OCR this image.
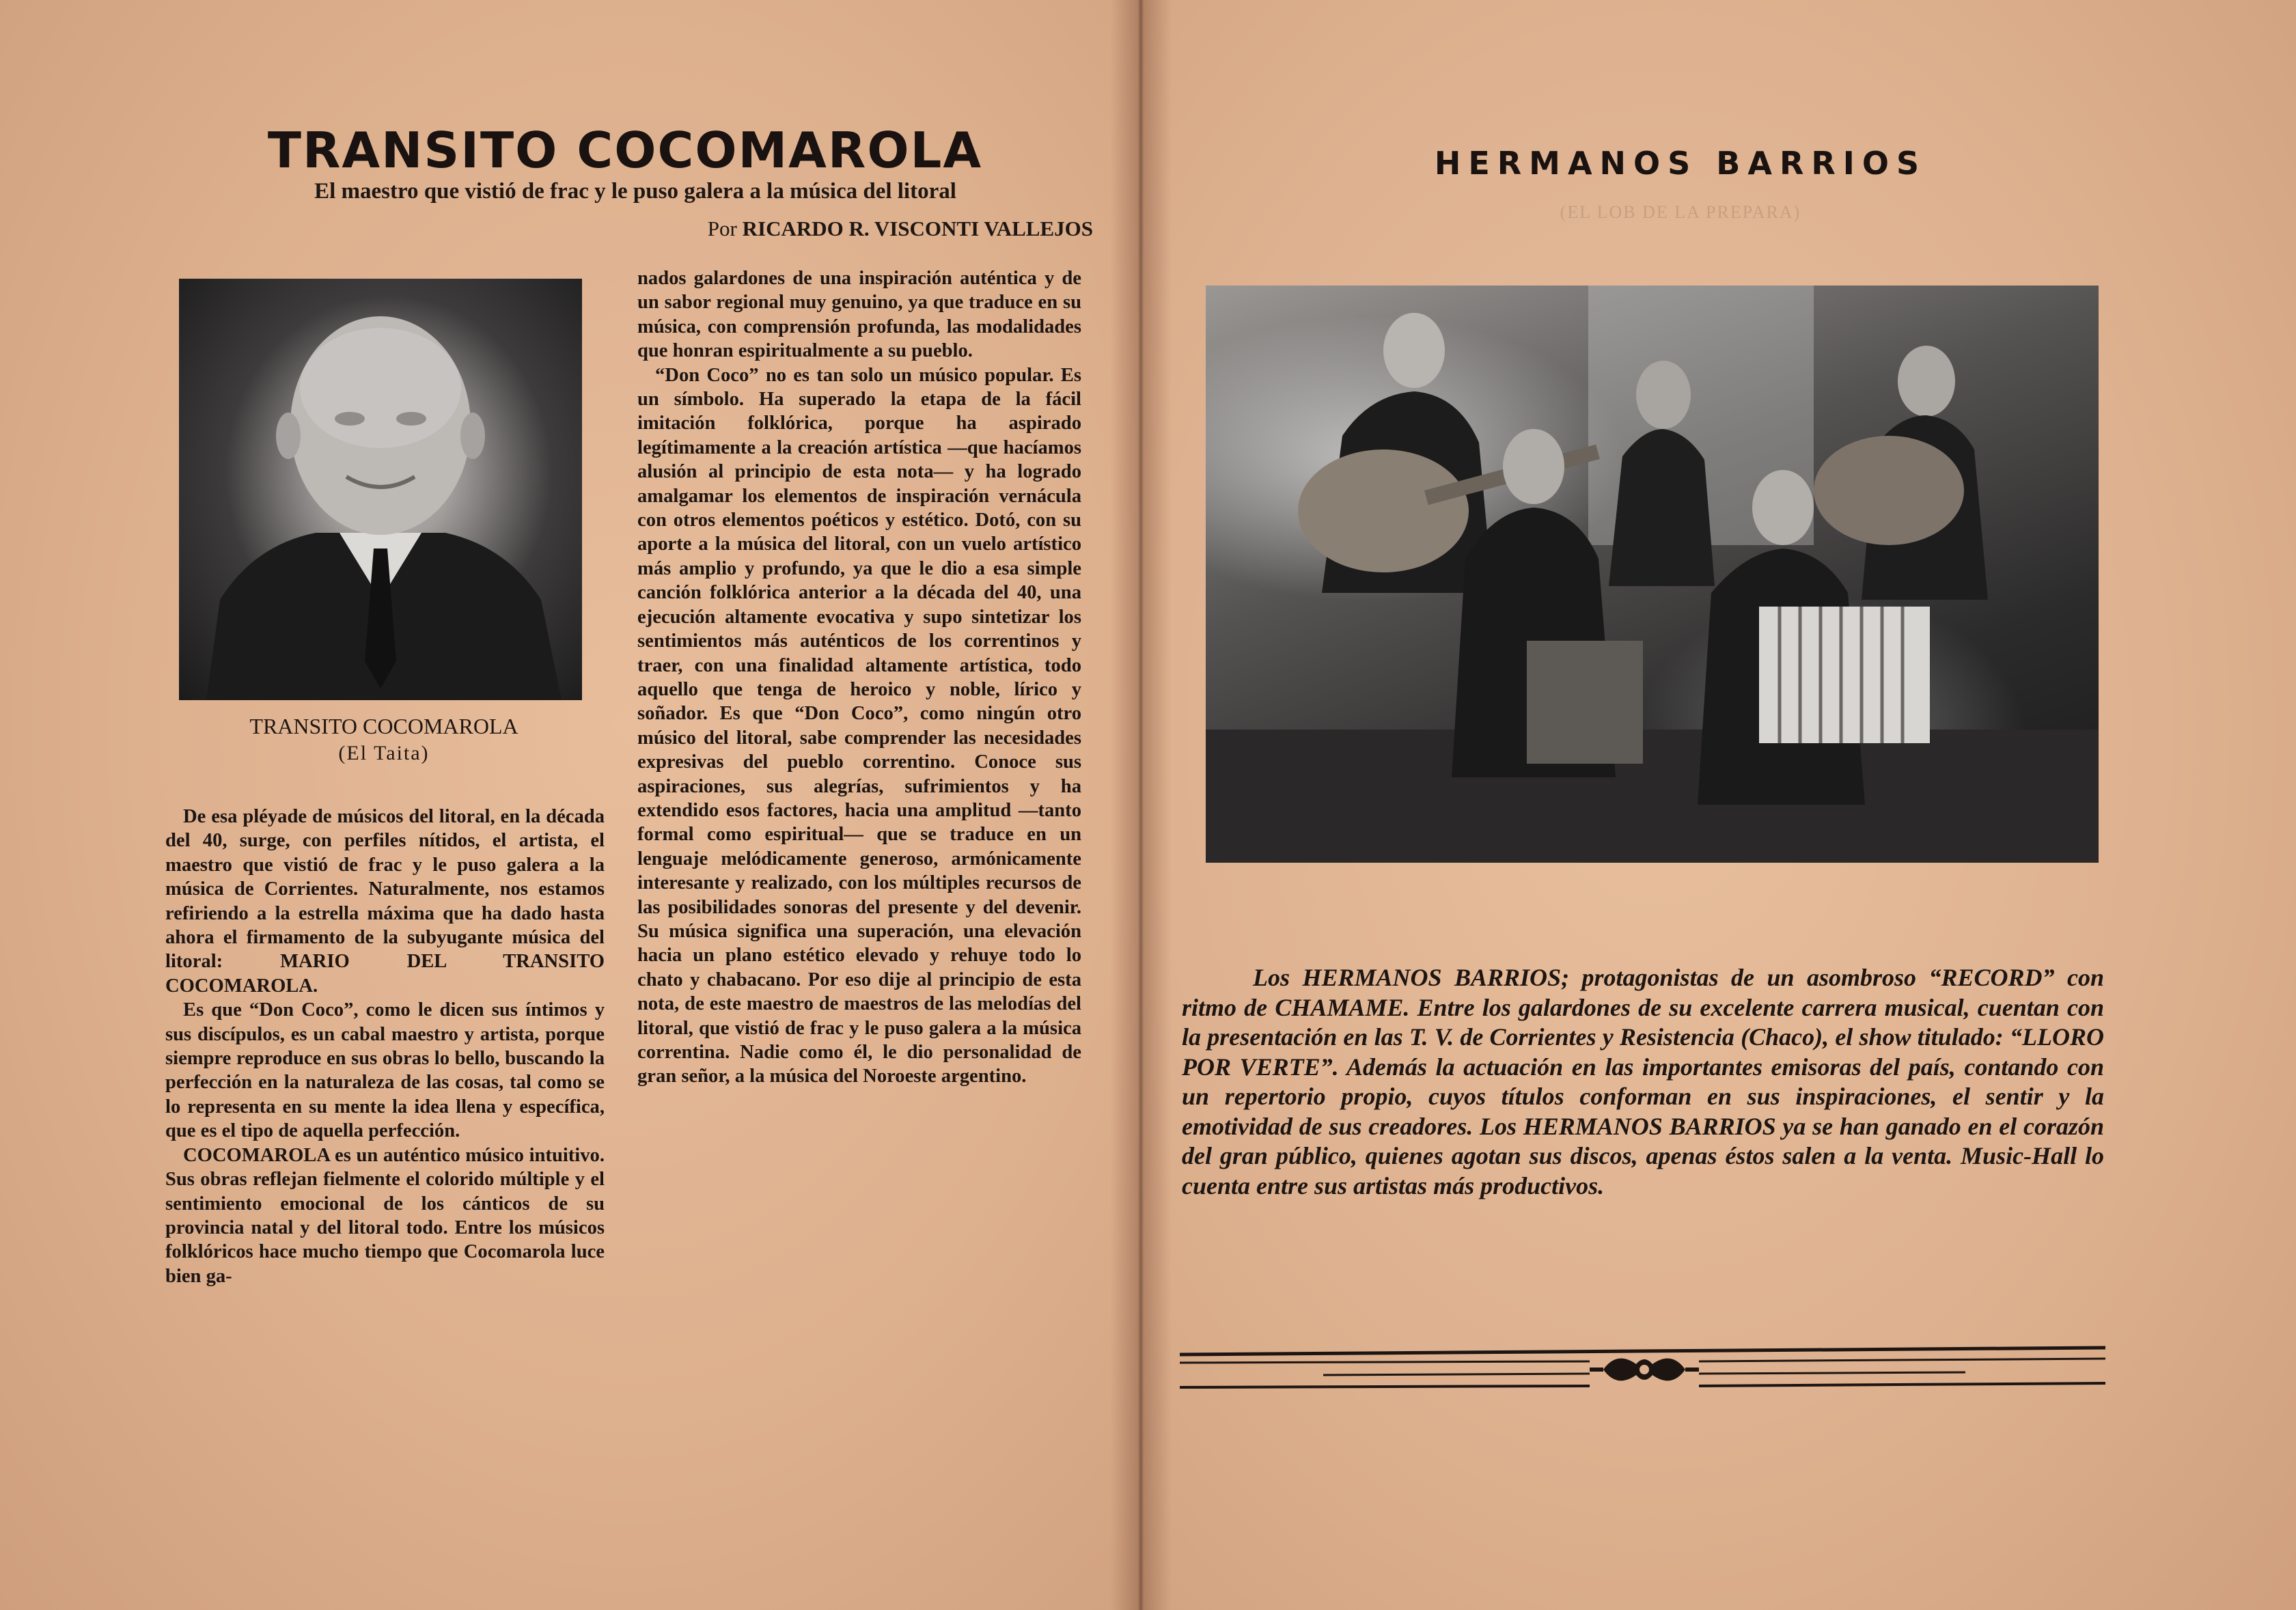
TRANSITO COCOMAROLA

El maestro que vistió de frac y le puso galera a la música del litoral

Por RICARDO R. VISCONTI VALLEJOS

TRANSITO COCOMAROLA
(El Taita)

De esa pléyade de músicos del litoral, en la década del 40, surge, con perfiles nítidos, el artista, el maestro que vistió de frac y le puso galera a la música de Corrientes. Naturalmente, nos estamos refiriendo a la estrella máxima que ha dado hasta ahora el firmamento de la subyugante música del litoral: MARIO DEL TRANSITO COCOMAROLA.

Es que “Don Coco”, como le dicen sus íntimos y sus discípulos, es un cabal maestro y artista, porque siempre reproduce en sus obras lo bello, buscando la perfección en la naturaleza de las cosas, tal como se lo representa en su mente la idea llena y específica, que es el tipo de aquella perfección.

COCOMAROLA es un auténtico músico intuitivo. Sus obras reflejan fielmente el colorido múltiple y el sentimiento emocional de los cánticos de su provincia natal y del litoral todo. Entre los músicos folklóricos hace mucho tiempo que Cocomarola luce bien ga-

nados galardones de una inspiración auténtica y de un sabor regional muy genuino, ya que traduce en su música, con comprensión profunda, las modalidades que honran espiritualmente a su pueblo.

“Don Coco” no es tan solo un músico popular. Es un símbolo. Ha superado la etapa de la fácil imitación folklórica, porque ha aspirado legítimamente a la creación artística —que hacíamos alusión al principio de esta nota— y ha logrado amalgamar los elementos de inspiración vernácula con otros elementos poéticos y estético. Dotó, con su aporte a la música del litoral, con un vuelo artístico más amplio y profundo, ya que le dio a esa simple canción folklórica anterior a la década del 40, una ejecución altamente evocativa y supo sintetizar los sentimientos más auténticos de los correntinos y traer, con una finalidad altamente artística, todo aquello que tenga de heroico y noble, lírico y soñador. Es que “Don Coco”, como ningún otro músico del litoral, sabe comprender las necesidades expresivas del pueblo correntino. Conoce sus aspiraciones, sus alegrías, sufrimientos y ha extendido esos factores, hacia una amplitud —tanto formal como espiritual— que se traduce en un lenguaje melódicamente generoso, armónicamente interesante y realizado, con los múltiples recursos de las posibilidades sonoras del presente y del devenir. Su música significa una superación, una elevación hacia un plano estético elevado y rehuye todo lo chato y chabacano. Por eso dije al principio de esta nota, de este maestro de maestros de las melodías del litoral, que vistió de frac y le puso galera a la música correntina. Nadie como él, le dio personalidad de gran señor, a la música del Noroeste argentino.

HERMANOS BARRIOS
(EL LOB DE LA PREPARA)

Los HERMANOS BARRIOS; protagonistas de un asombroso “RECORD” con ritmo de CHAMAME. Entre los galardones de su excelente carrera musical, cuentan con la presentación en las T. V. de Corrientes y Resistencia (Chaco), el show titulado: “LLORO POR VERTE”. Además la actuación en las importantes emisoras del país, contando con un repertorio propio, cuyos títulos conforman en sus inspiraciones, el sentir y la emotividad de sus creadores. Los HERMANOS BARRIOS ya se han ganado en el corazón del gran público, quienes agotan sus discos, apenas éstos salen a la venta. Music-Hall lo cuenta entre sus artistas más productivos.
